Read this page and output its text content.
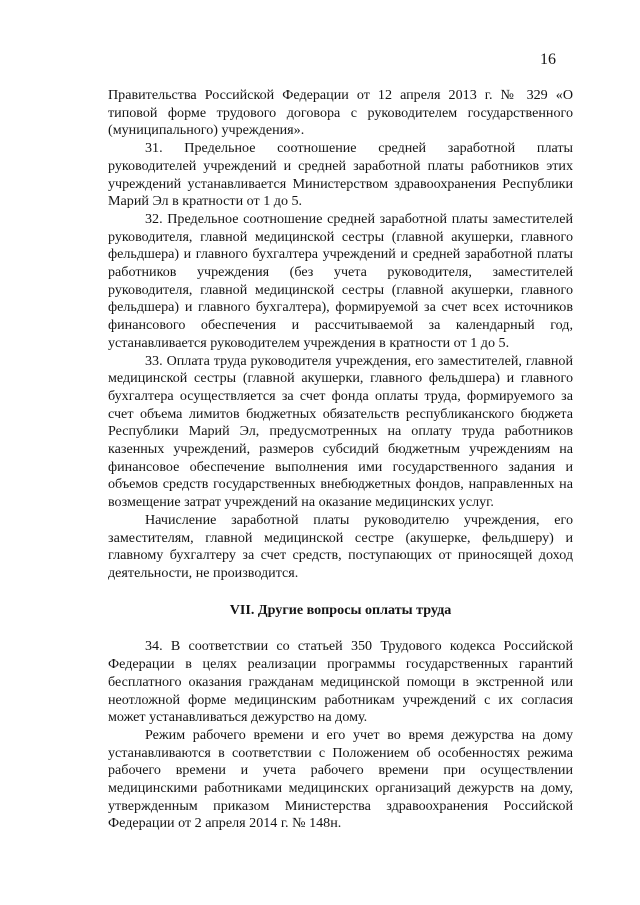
16

Правительства Российской Федерации от 12 апреля 2013 г. № 329 «О типовой форме трудового договора с руководителем государственного (муниципального) учреждения».

31. Предельное соотношение средней заработной платы руководителей учреждений и средней заработной платы работников этих учреждений устанавливается Министерством здравоохранения Республики Марий Эл в кратности от 1 до 5.

32. Предельное соотношение средней заработной платы заместителей руководителя, главной медицинской сестры (главной акушерки, главного фельдшера) и главного бухгалтера учреждений и средней заработной платы работников учреждения (без учета руководителя, заместителей руководителя, главной медицинской сестры (главной акушерки, главного фельдшера) и главного бухгалтера), формируемой за счет всех источников финансового обеспечения и рассчитываемой за календарный год, устанавливается руководителем учреждения в кратности от 1 до 5.

33. Оплата труда руководителя учреждения, его заместителей, главной медицинской сестры (главной акушерки, главного фельдшера) и главного бухгалтера осуществляется за счет фонда оплаты труда, формируемого за счет объема лимитов бюджетных обязательств республиканского бюджета Республики Марий Эл, предусмотренных на оплату труда работников казенных учреждений, размеров субсидий бюджетным учреждениям на финансовое обеспечение выполнения ими государственного задания и объемов средств государственных внебюджетных фондов, направленных на возмещение затрат учреждений на оказание медицинских услуг.

Начисление заработной платы руководителю учреждения, его заместителям, главной медицинской сестре (акушерке, фельдшеру) и главному бухгалтеру за счет средств, поступающих от приносящей доход деятельности, не производится.

VII. Другие вопросы оплаты труда

34. В соответствии со статьей 350 Трудового кодекса Российской Федерации в целях реализации программы государственных гарантий бесплатного оказания гражданам медицинской помощи в экстренной или неотложной форме медицинским работникам учреждений с их согласия может устанавливаться дежурство на дому.

Режим рабочего времени и его учет во время дежурства на дому устанавливаются в соответствии с Положением об особенностях режима рабочего времени и учета рабочего времени при осуществлении медицинскими работниками медицинских организаций дежурств на дому, утвержденным приказом Министерства здравоохранения Российской Федерации от 2 апреля 2014 г. № 148н.
